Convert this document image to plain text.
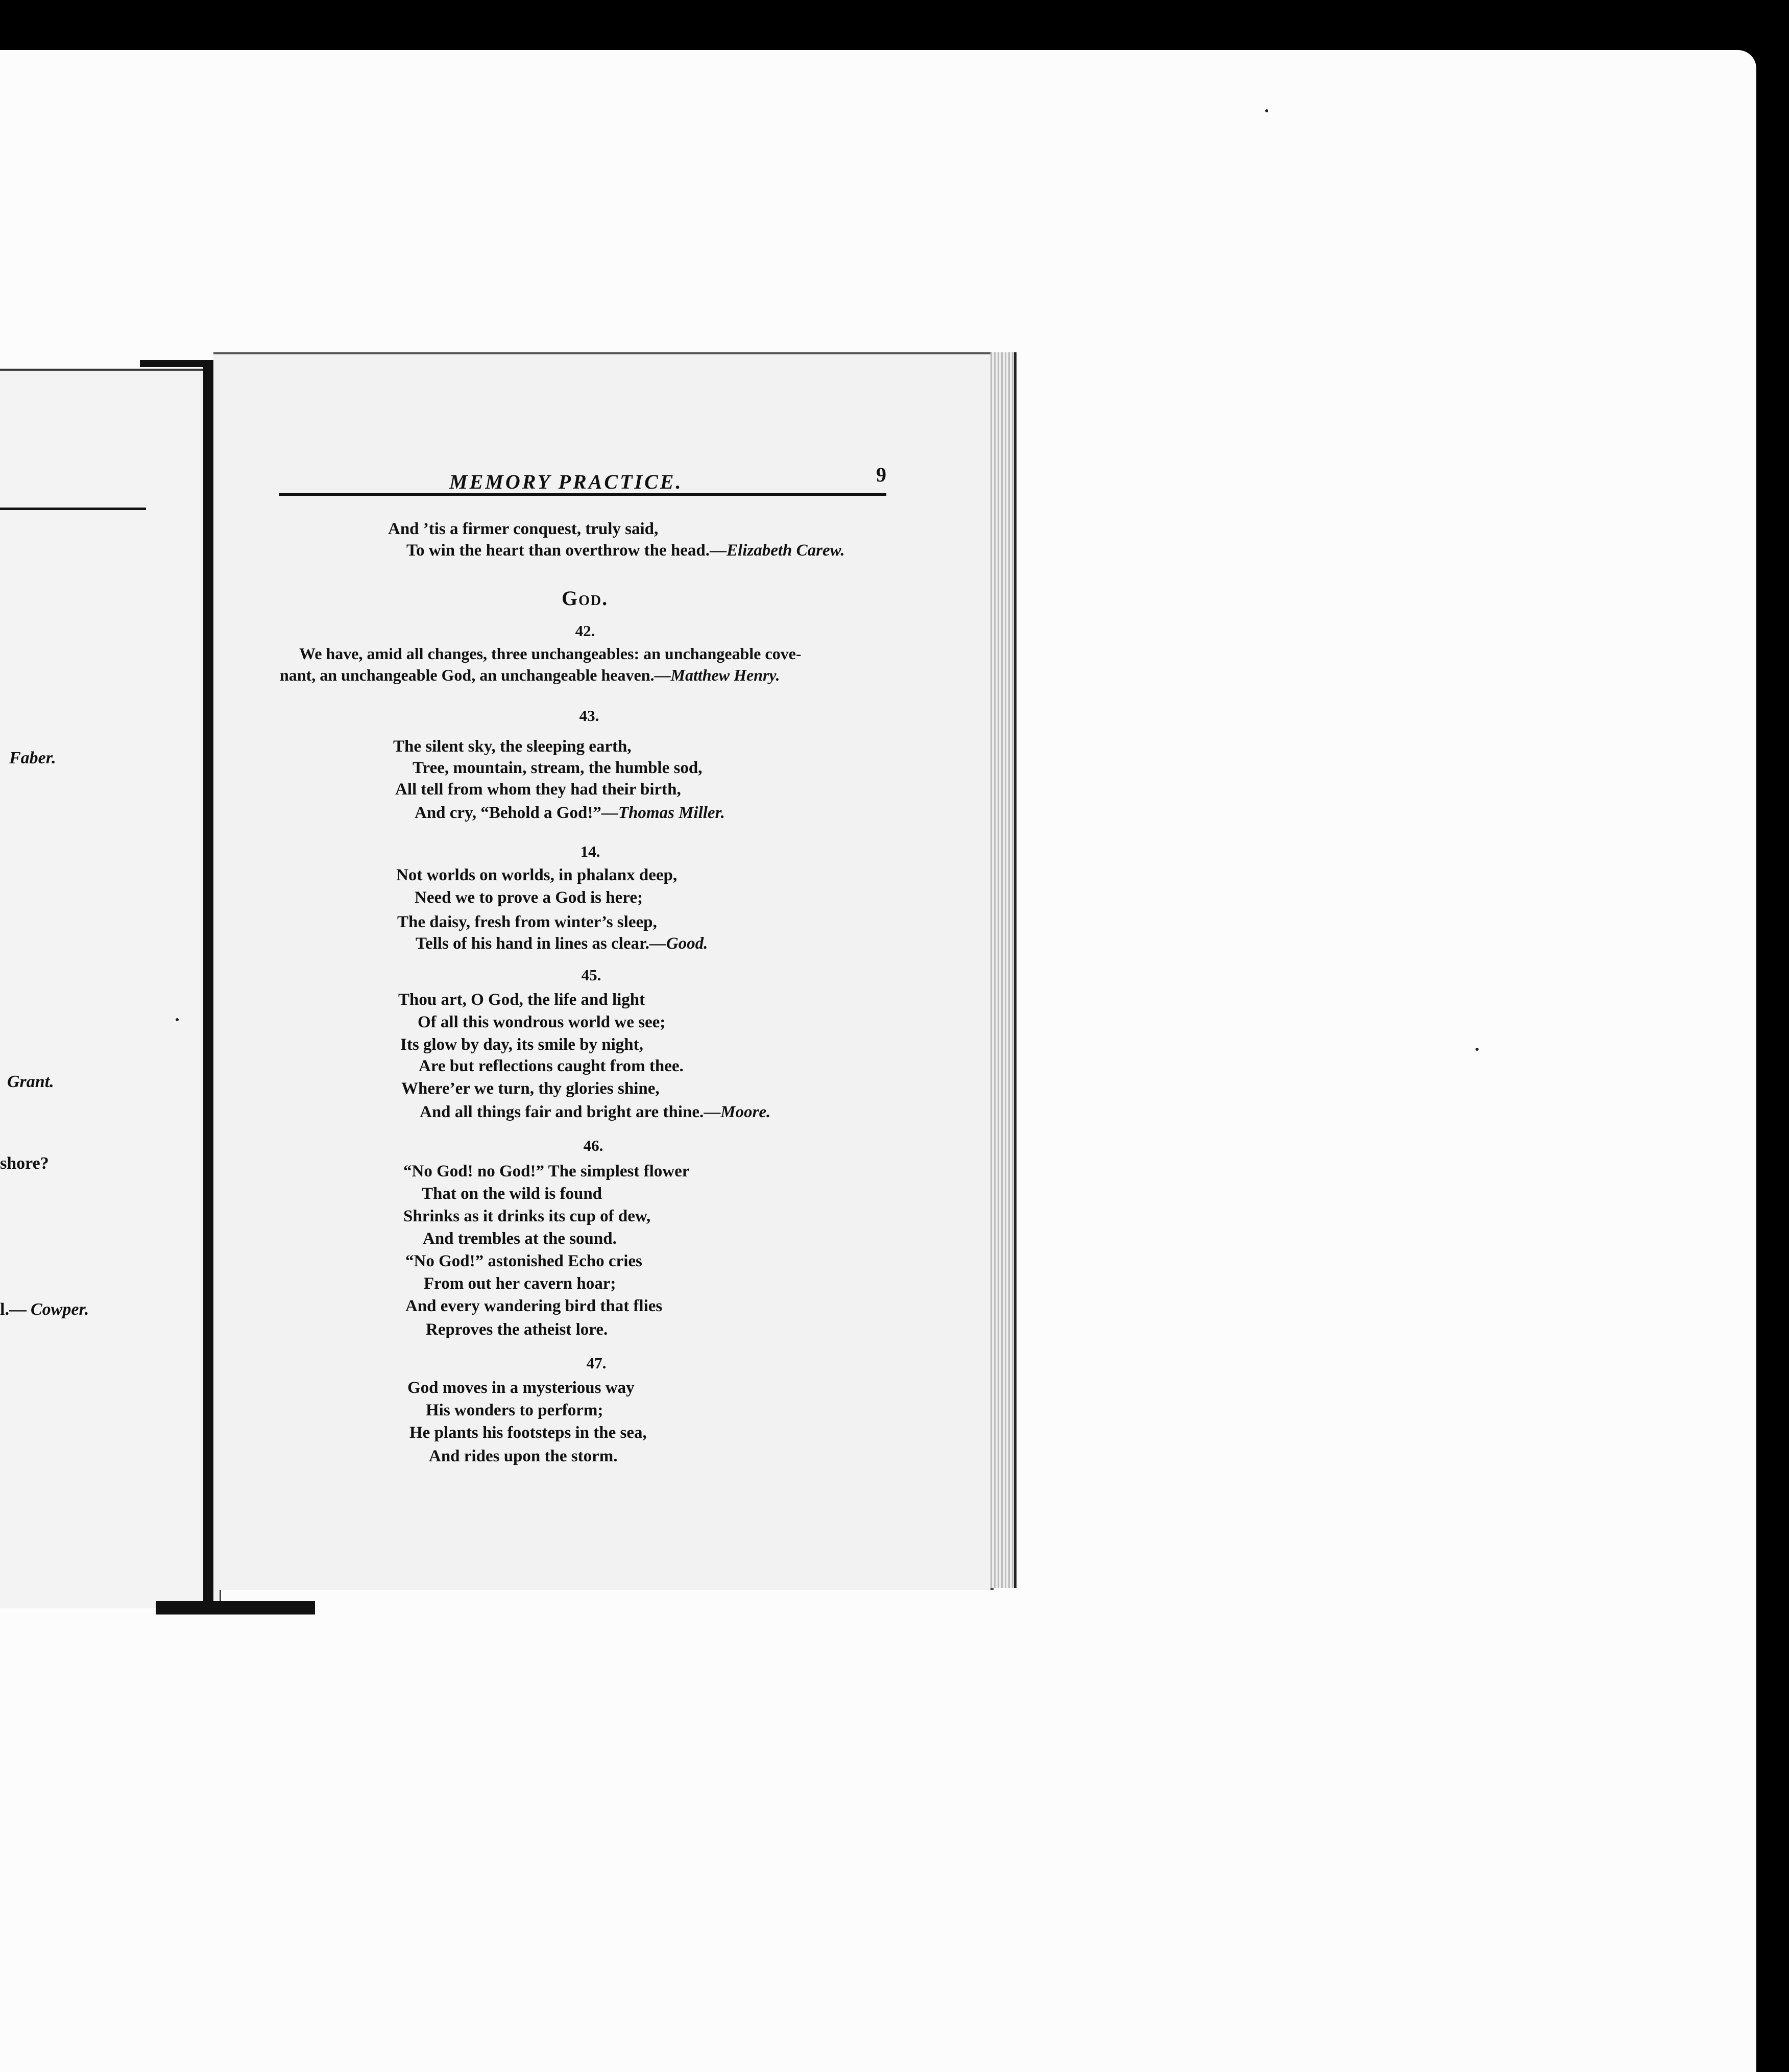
Faber.
Grant.
shore?
l.— Cowper.
MEMORY PRACTICE.	9
And ’tis a firmer conquest, truly said,
To win the heart than overthrow the head.—Elizabeth Carew.
God.
42.
We have, amid all changes, three unchangeables: an unchangeable cove-
nant, an unchangeable God, an unchangeable heaven.—Matthew Henry.
43.
The silent sky, the sleeping earth,
Tree, mountain, stream, the humble sod,
All tell from whom they had their birth,
And cry, “Behold a God!”—Thomas Miller.
14.
Not worlds on worlds, in phalanx deep,
Need we to prove a God is here;
The daisy, fresh from winter’s sleep,
Tells of his hand in lines as clear.—Good.
45.
Thou art, O God, the life and light
Of all this wondrous world we see;
Its glow by day, its smile by night,
Are but reflections caught from thee.
Where’er we turn, thy glories shine,
And all things fair and bright are thine.—Moore.
46.
“No God! no God!” The simplest flower
That on the wild is found
Shrinks as it drinks its cup of dew,
And trembles at the sound.
“No God!” astonished Echo cries
From out her cavern hoar;
And every wandering bird that flies
Reproves the atheist lore.
47.
God moves in a mysterious way
His wonders to perform;
He plants his footsteps in the sea,
And rides upon the storm.
